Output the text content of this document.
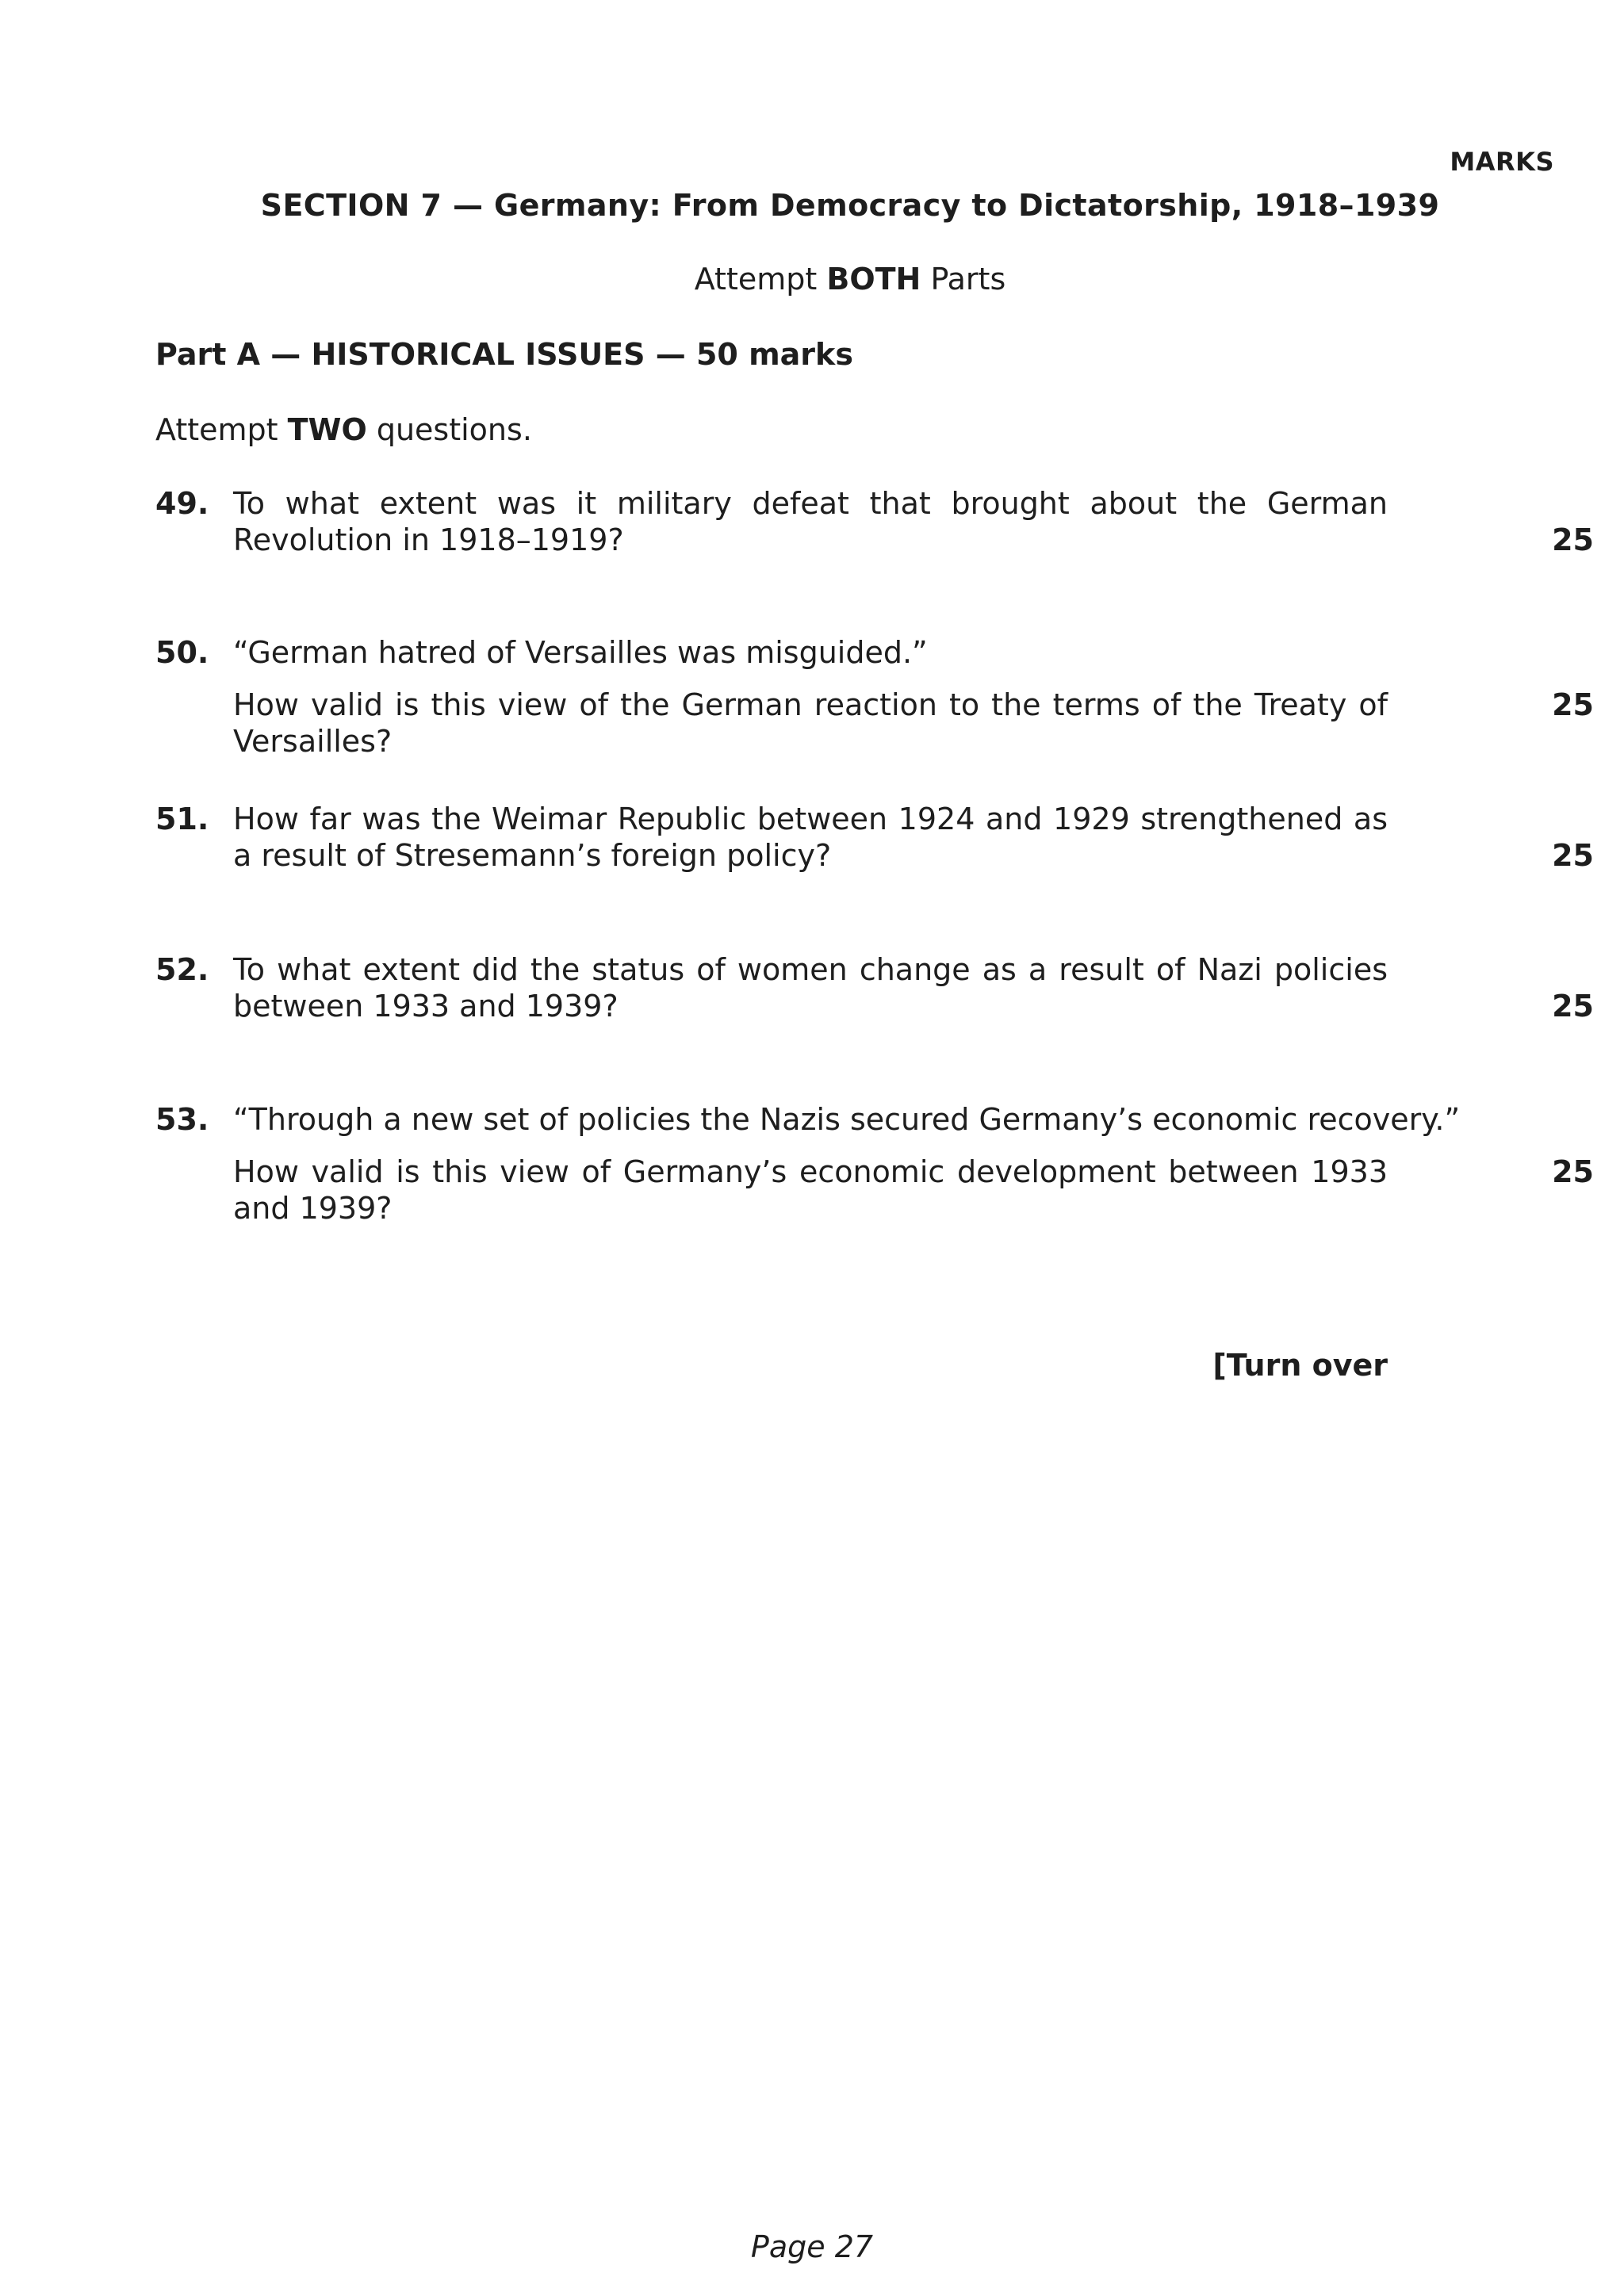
MARKS
SECTION 7 — Germany: From Democracy to Dictatorship, 1918–1939
Attempt BOTH Parts
Part A — HISTORICAL ISSUES — 50 marks
Attempt TWO questions.
49. To what extent was it military defeat that brought about the German Revolution in 1918–1919?	25
50. “German hatred of Versailles was misguided.”
How valid is this view of the German reaction to the terms of the Treaty of Versailles?
25
51. How far was the Weimar Republic between 1924 and 1929 strengthened as a result of Stresemann’s foreign policy?	25
52. To what extent did the status of women change as a result of Nazi policies between 1933 and 1939?	25
53. “Through a new set of policies the Nazis secured Germany’s economic recovery.”
How valid is this view of Germany’s economic development between 1933 and 1939?
25
[Turn over
Page 27
